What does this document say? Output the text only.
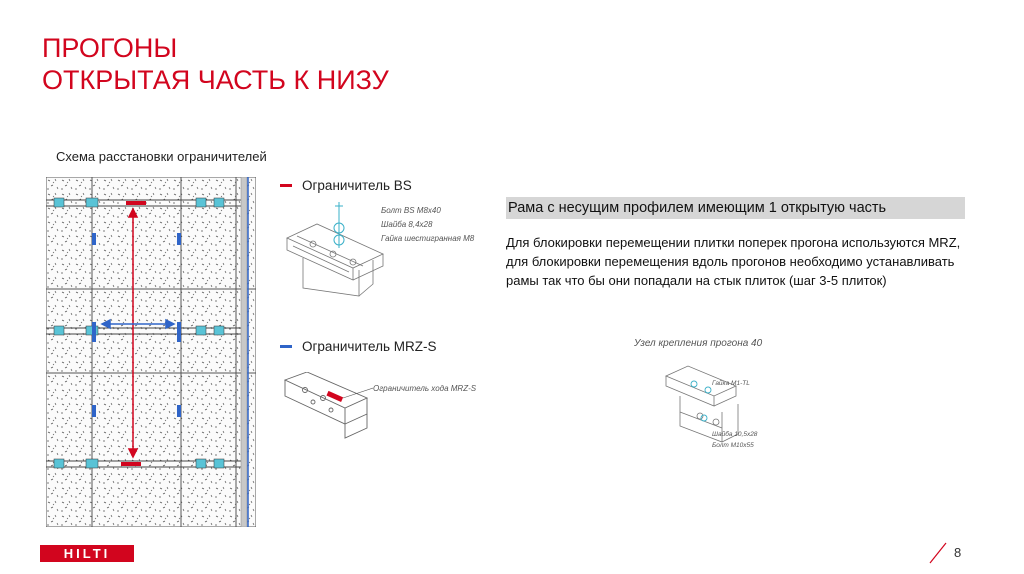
ПРОГОНЫ
ОТКРЫТАЯ ЧАСТЬ К НИЗУ
Схема расстановки ограничителей
Ограничитель BS
Болт BS M8x40
Шайба 8,4x28
Гайка шестигранная M8
Ограничитель MRZ-S
Ограничитель хода MRZ-S
Рама с несущим профилем имеющим 1 открытую часть
Для блокировки перемещении плитки поперек прогона используются MRZ, для блокировки перемещения вдоль прогонов необходимо устанавливать рамы так что бы они попадали на стык плиток (шаг 3-5 плиток)
Узел крепления прогона 40
Гайка M1-TL
Шайба 10,5x28
Болт M10x55
HILTI	8
